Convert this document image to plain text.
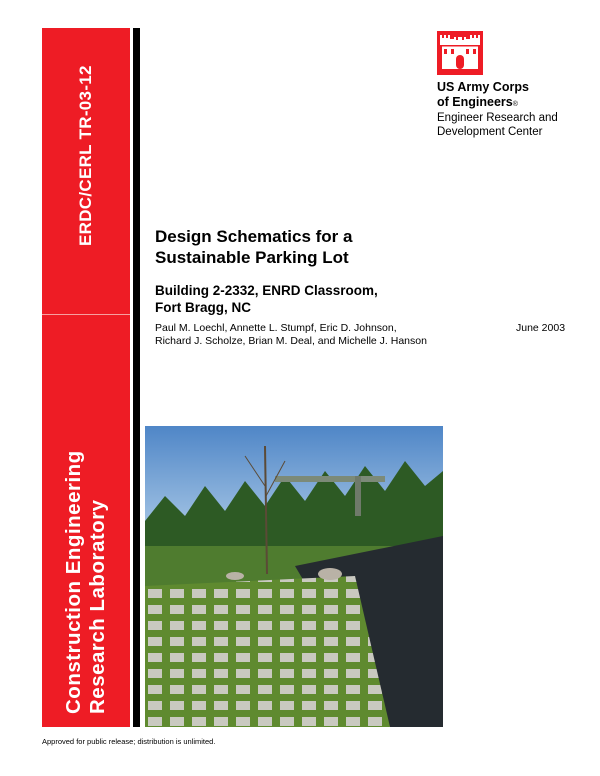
ERDC/CERL TR-03-12
Construction Engineering Research Laboratory
US Army Corps
of Engineers®
Engineer Research and
Development Center
Design Schematics for a
Sustainable Parking Lot
Building 2-2332, ENRD Classroom,
Fort Bragg, NC
Paul M. Loechl, Annette L. Stumpf, Eric D. Johnson,
Richard J. Scholze, Brian M. Deal, and Michelle J. Hanson
June 2003
Approved for public release; distribution is unlimited.
